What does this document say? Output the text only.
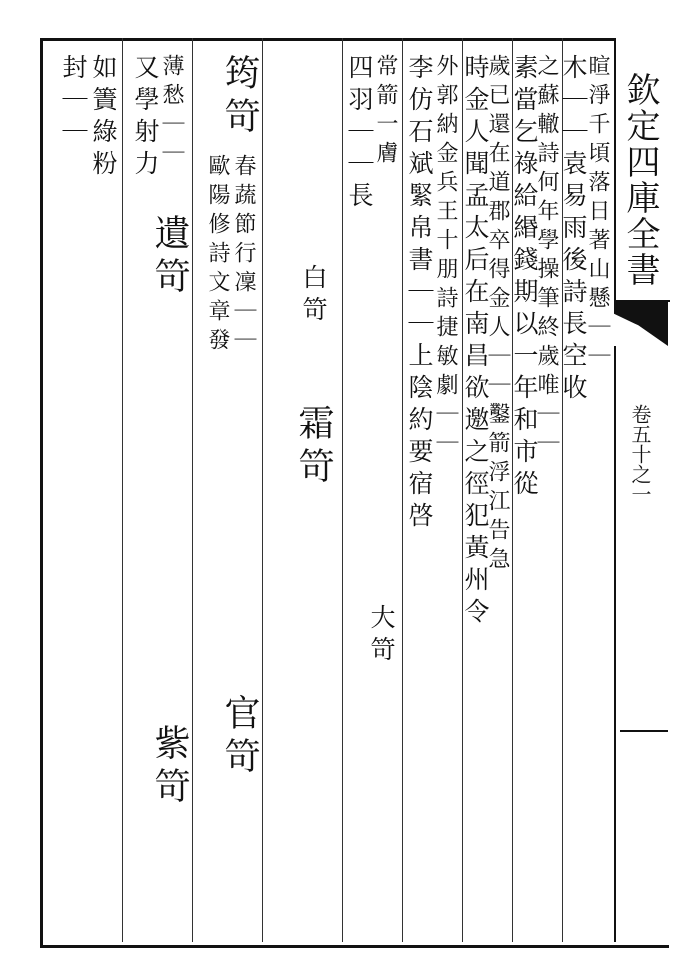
欽定四庫全書
卷五十之一
木｜｜袁易雨後詩長空收
暄淨千頃落日著山懸｜｜
素當乞祿給緡錢期以一年和市從
之蘇轍詩何年學操筆終歲唯｜｜
時金人聞孟太后在南昌欲邀之徑犯黃州令
歲已還在道郡卒得金人｜｜鑿箭浮江告急
李仿石斌緊帛書｜｜上陰約要宿啓 外郭納金兵王十朋詩捷敏劇｜｜
四羽｜｜長 常箭一膚
大笴
白笴
霜笴
筠笴
歐陽修詩文章發 春蔬節行凜｜｜
官笴
又學射力 薄愁｜｜
遺笴
紫笴
如簀綠粉
封｜｜
